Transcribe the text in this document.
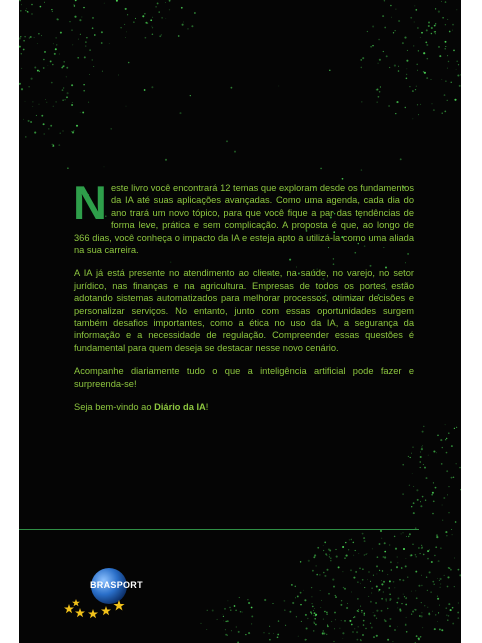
Neste livro você encontrará 12 temas que exploram desde os fundamentos da IA até suas aplicações avançadas. Como uma agenda, cada dia do ano trará um novo tópico, para que você fique a par das tendências de forma leve, prática e sem complicação. A proposta é que, ao longo de 366 dias, você conheça o impacto da IA e esteja apto a utilizá-la como uma aliada na sua carreira.

A IA já está presente no atendimento ao cliente, na saúde, no varejo, no setor jurídico, nas finanças e na agricultura. Empresas de todos os portes estão adotando sistemas automatizados para melhorar processos, otimizar decisões e personalizar serviços. No entanto, junto com essas oportunidades surgem também desafios importantes, como a ética no uso da IA, a segurança da informação e a necessidade de regulação. Compreender essas questões é fundamental para quem deseja se destacar nesse novo cenário.

Acompanhe diariamente tudo o que a inteligência artificial pode fazer e surpreenda-se!

Seja bem-vindo ao Diário da IA!

BRASPORT
